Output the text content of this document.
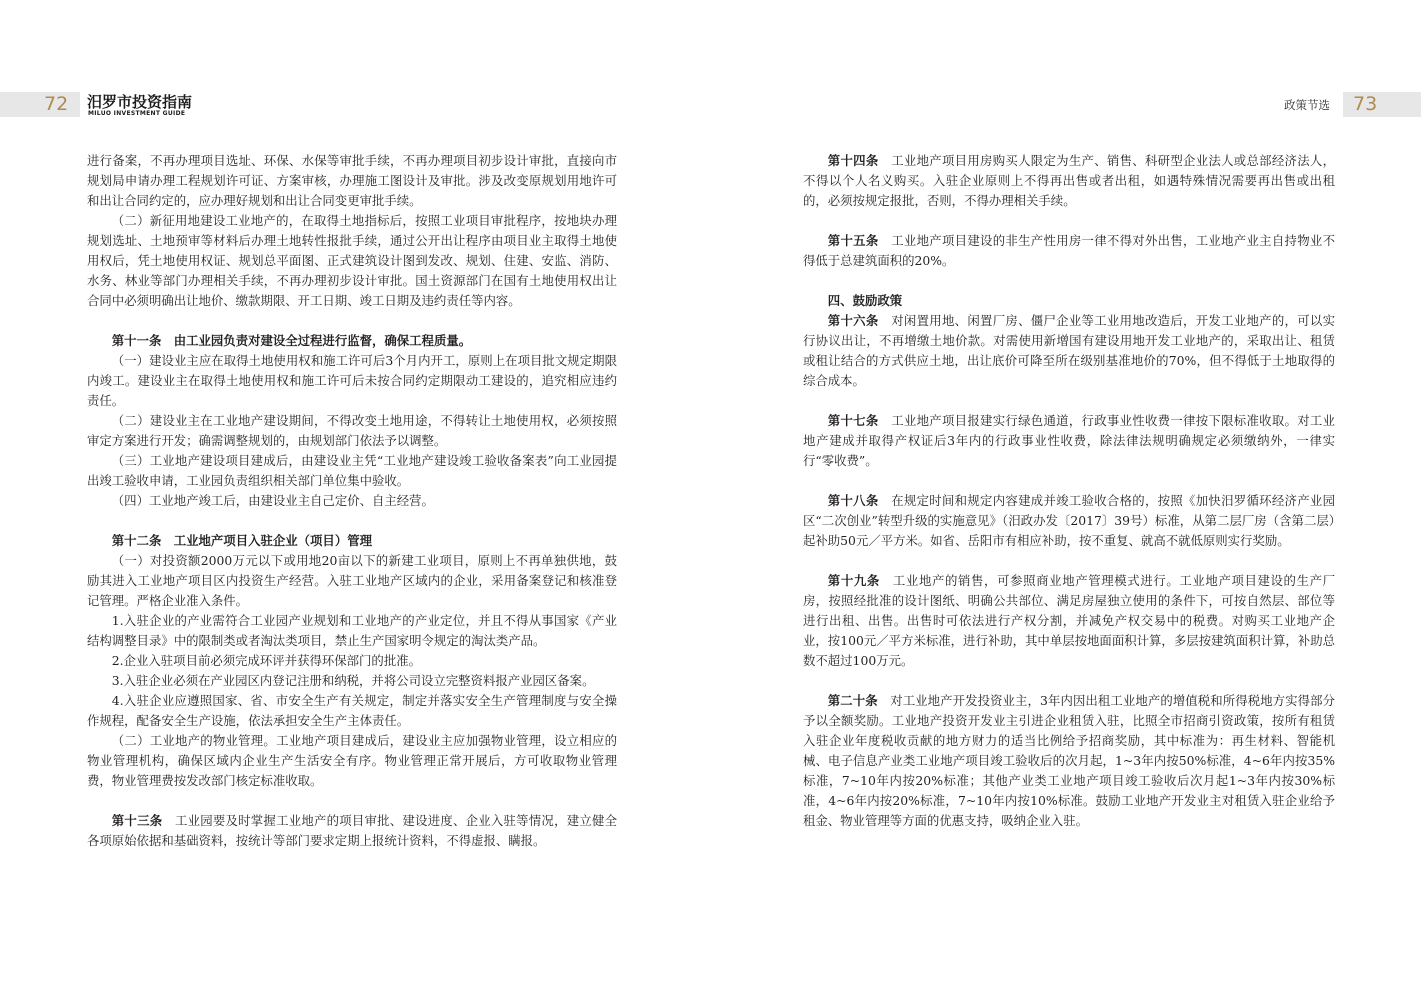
72 汨罗市投资指南
MILUO INVESTMENT GUIDE
政策节选 73

进行备案，不再办理项目选址、环保、水保等审批手续，不再办理项目初步设计审批，直接向市规划局申请办理工程规划许可证、方案审核，办理施工图设计及审批。涉及改变原规划用地许可和出让合同约定的，应办理好规划和出让合同变更审批手续。

（二）新征用地建设工业地产的，在取得土地指标后，按照工业项目审批程序，按地块办理规划选址、土地预审等材料后办理土地转性报批手续，通过公开出让程序由项目业主取得土地使用权后，凭土地使用权证、规划总平面图、正式建筑设计图到发改、规划、住建、安监、消防、水务、林业等部门办理相关手续，不再办理初步设计审批。国土资源部门在国有土地使用权出让合同中必须明确出让地价、缴款期限、开工日期、竣工日期及违约责任等内容。

第十一条　由工业园负责对建设全过程进行监督，确保工程质量。

（一）建设业主应在取得土地使用权和施工许可后3个月内开工，原则上在项目批文规定期限内竣工。建设业主在取得土地使用权和施工许可后未按合同约定期限动工建设的，追究相应违约责任。

（二）建设业主在工业地产建设期间，不得改变土地用途，不得转让土地使用权，必须按照审定方案进行开发；确需调整规划的，由规划部门依法予以调整。

（三）工业地产建设项目建成后，由建设业主凭“工业地产建设竣工验收备案表”向工业园提出竣工验收申请，工业园负责组织相关部门单位集中验收。

（四）工业地产竣工后，由建设业主自己定价、自主经营。

第十二条　工业地产项目入驻企业（项目）管理

（一）对投资额2000万元以下或用地20亩以下的新建工业项目，原则上不再单独供地，鼓励其进入工业地产项目区内投资生产经营。入驻工业地产区域内的企业，采用备案登记和核准登记管理。严格企业准入条件。

1.入驻企业的产业需符合工业园产业规划和工业地产的产业定位，并且不得从事国家《产业结构调整目录》中的限制类或者淘汰类项目，禁止生产国家明令规定的淘汰类产品。

2.企业入驻项目前必须完成环评并获得环保部门的批准。

3.入驻企业必须在产业园区内登记注册和纳税，并将公司设立完整资料报产业园区备案。

4.入驻企业应遵照国家、省、市安全生产有关规定，制定并落实安全生产管理制度与安全操作规程，配备安全生产设施，依法承担安全生产主体责任。

（二）工业地产的物业管理。工业地产项目建成后，建设业主应加强物业管理，设立相应的物业管理机构，确保区域内企业生产生活安全有序。物业管理正常开展后，方可收取物业管理费，物业管理费按发改部门核定标准收取。

第十三条　工业园要及时掌握工业地产的项目审批、建设进度、企业入驻等情况，建立健全各项原始依据和基础资料，按统计等部门要求定期上报统计资料，不得虚报、瞒报。

第十四条　工业地产项目用房购买人限定为生产、销售、科研型企业法人或总部经济法人，不得以个人名义购买。入驻企业原则上不得再出售或者出租，如遇特殊情况需要再出售或出租的，必须按规定报批，否则，不得办理相关手续。

第十五条　工业地产项目建设的非生产性用房一律不得对外出售，工业地产业主自持物业不得低于总建筑面积的20%。

四、鼓励政策

第十六条　对闲置用地、闲置厂房、僵尸企业等工业用地改造后，开发工业地产的，可以实行协议出让，不再增缴土地价款。对需使用新增国有建设用地开发工业地产的，采取出让、租赁或租让结合的方式供应土地，出让底价可降至所在级别基准地价的70%，但不得低于土地取得的综合成本。

第十七条　工业地产项目报建实行绿色通道，行政事业性收费一律按下限标准收取。对工业地产建成并取得产权证后3年内的行政事业性收费，除法律法规明确规定必须缴纳外，一律实行“零收费”。

第十八条　在规定时间和规定内容建成并竣工验收合格的，按照《加快汨罗循环经济产业园区“二次创业”转型升级的实施意见》（汨政办发〔2017〕39号）标准，从第二层厂房（含第二层）起补助50元／平方米。如省、岳阳市有相应补助，按不重复、就高不就低原则实行奖励。

第十九条　工业地产的销售，可参照商业地产管理模式进行。工业地产项目建设的生产厂房，按照经批准的设计图纸、明确公共部位、满足房屋独立使用的条件下，可按自然层、部位等进行出租、出售。出售时可依法进行产权分割，并减免产权交易中的税费。对购买工业地产企业，按100元／平方米标准，进行补助，其中单层按地面面积计算，多层按建筑面积计算，补助总数不超过100万元。

第二十条　对工业地产开发投资业主，3年内因出租工业地产的增值税和所得税地方实得部分予以全额奖励。工业地产投资开发业主引进企业租赁入驻，比照全市招商引资政策，按所有租赁入驻企业年度税收贡献的地方财力的适当比例给予招商奖励，其中标准为：再生材料、智能机械、电子信息产业类工业地产项目竣工验收后的次月起，1~3年内按50%标准，4~6年内按35%标准，7~10年内按20%标准；其他产业类工业地产项目竣工验收后次月起1~3年内按30%标准，4~6年内按20%标准，7~10年内按10%标准。鼓励工业地产开发业主对租赁入驻企业给予租金、物业管理等方面的优惠支持，吸纳企业入驻。
